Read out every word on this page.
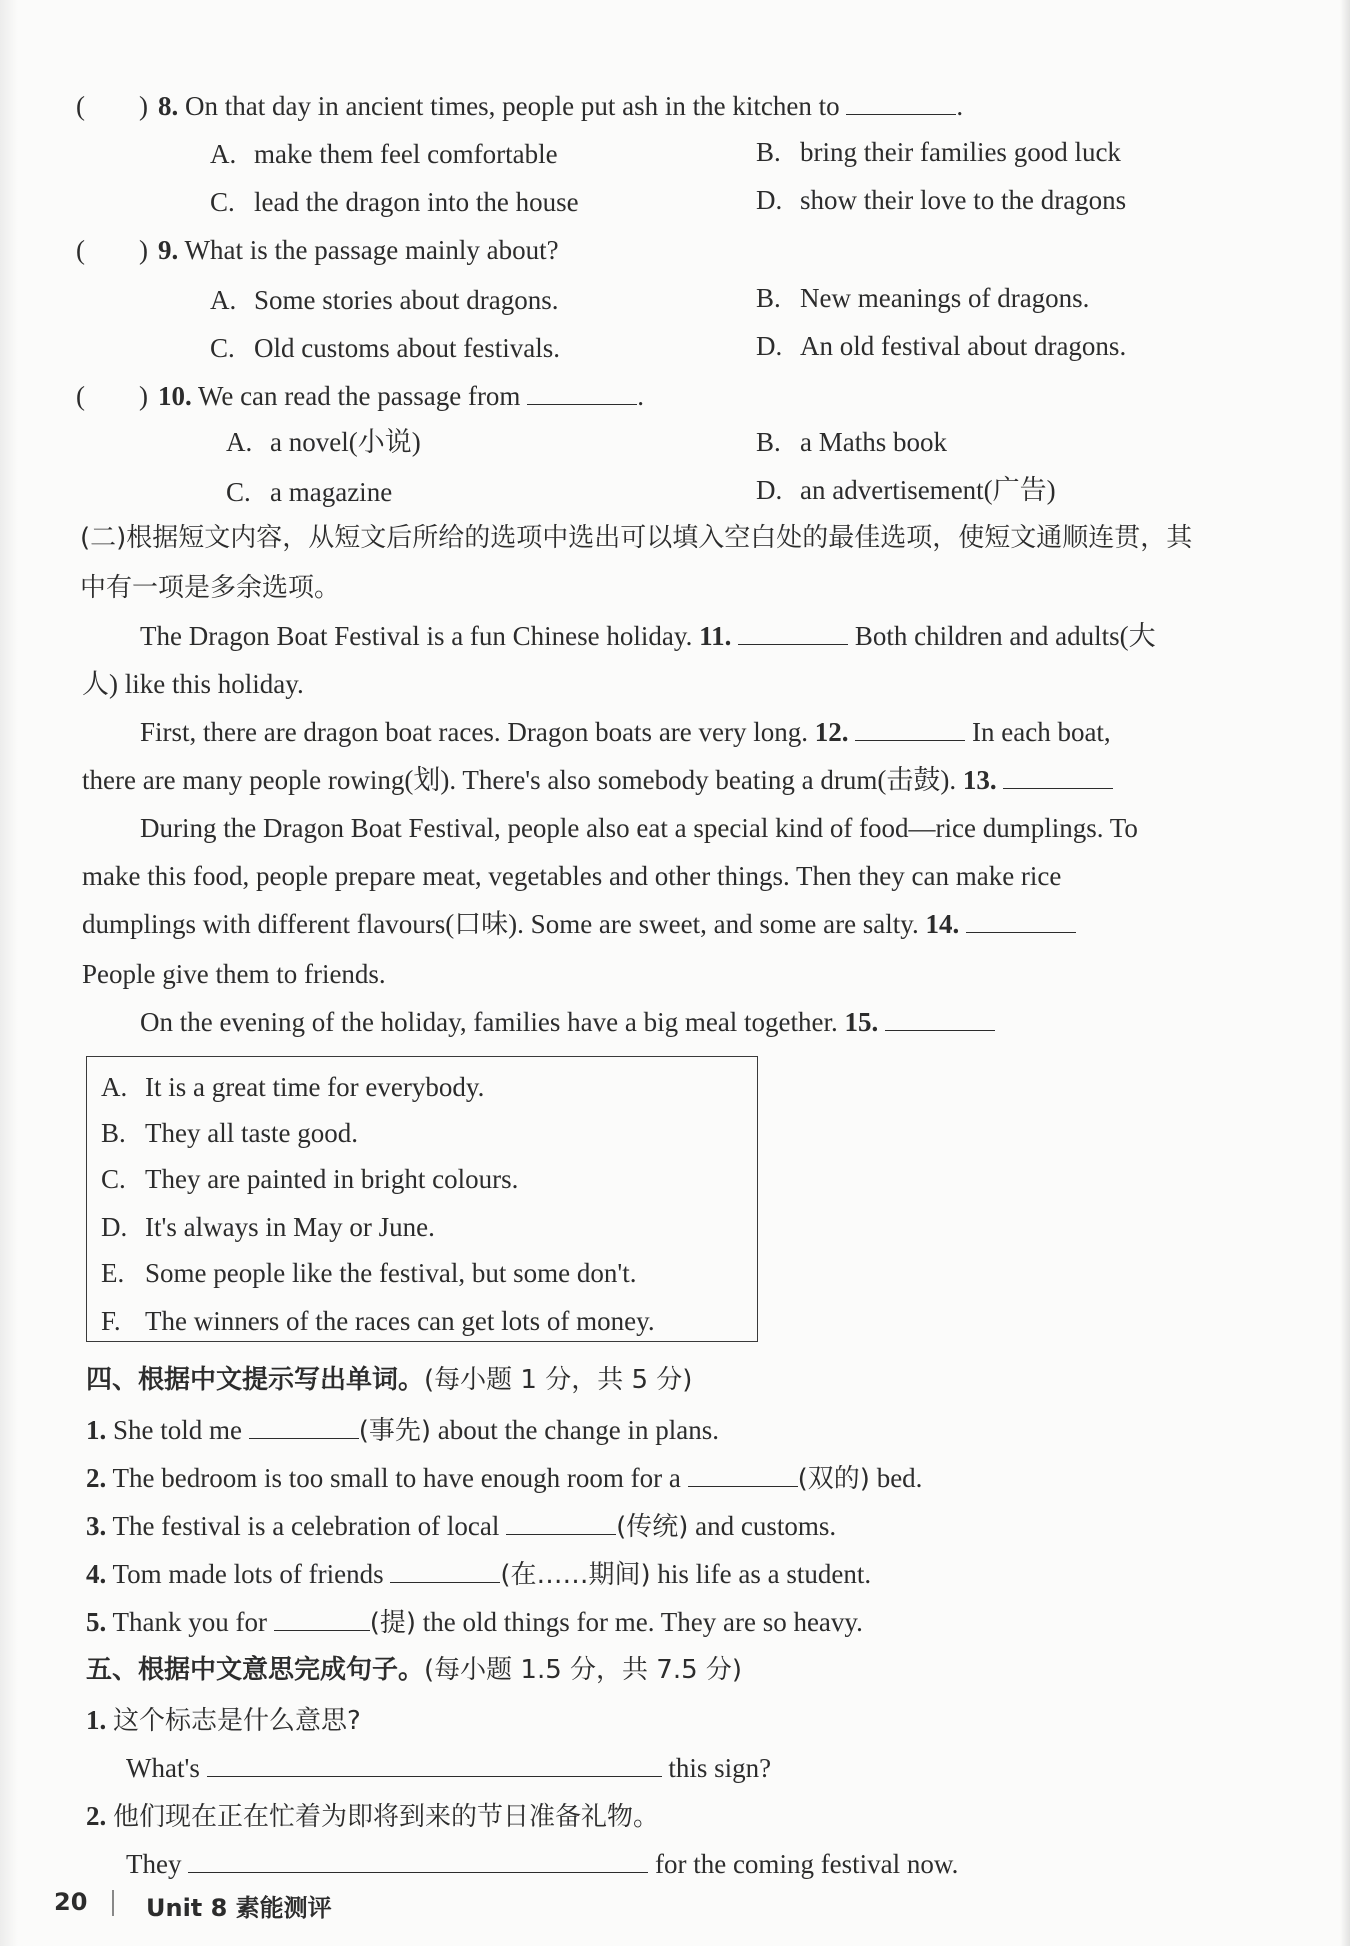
(　　) 8. On that day in ancient times, people put ash in the kitchen to	.
A. make them feel comfortable	B. bring their families good luck
C. lead the dragon into the house	D. show their love to the dragons
(　　) 9. What is the passage mainly about?
A. Some stories about dragons.	B. New meanings of dragons.
C. Old customs about festivals.	D. An old festival about dragons.
(　　) 10. We can read the passage from	.
A. a novel(小说)	B. a Maths book
C. a magazine	D. an advertisement(广告)
(二)根据短文内容，从短文后所给的选项中选出可以填入空白处的最佳选项，使短文通顺连贯，其
中有一项是多余选项。
The Dragon Boat Festival is a fun Chinese holiday. 11.	Both children and adults(大
人) like this holiday.
First, there are dragon boat races. Dragon boats are very long. 12.	In each boat,
there are many people rowing(划). There's also somebody beating a drum(击鼓). 13.
During the Dragon Boat Festival, people also eat a special kind of food—rice dumplings. To
make this food, people prepare meat, vegetables and other things. Then they can make rice
dumplings with different flavours(口味). Some are sweet, and some are salty. 14.
People give them to friends.
On the evening of the holiday, families have a big meal together. 15.
A. It is a great time for everybody.
B. They all taste good.
C. They are painted in bright colours.
D. It's always in May or June.
E. Some people like the festival, but some don't.
F. The winners of the races can get lots of money.
四、根据中文提示写出单词。(每小题 1 分，共 5 分)
1. She told me	(事先) about the change in plans.
2. The bedroom is too small to have enough room for a	(双的) bed.
3. The festival is a celebration of local	(传统) and customs.
4. Tom made lots of friends	(在……期间) his life as a student.
5. Thank you for	(提) the old things for me. They are so heavy.
五、根据中文意思完成句子。(每小题 1.5 分，共 7.5 分)
1. 这个标志是什么意思?
What's	this sign?
2. 他们现在正在忙着为即将到来的节日准备礼物。
They	for the coming festival now.
20 Unit 8 素能测评
